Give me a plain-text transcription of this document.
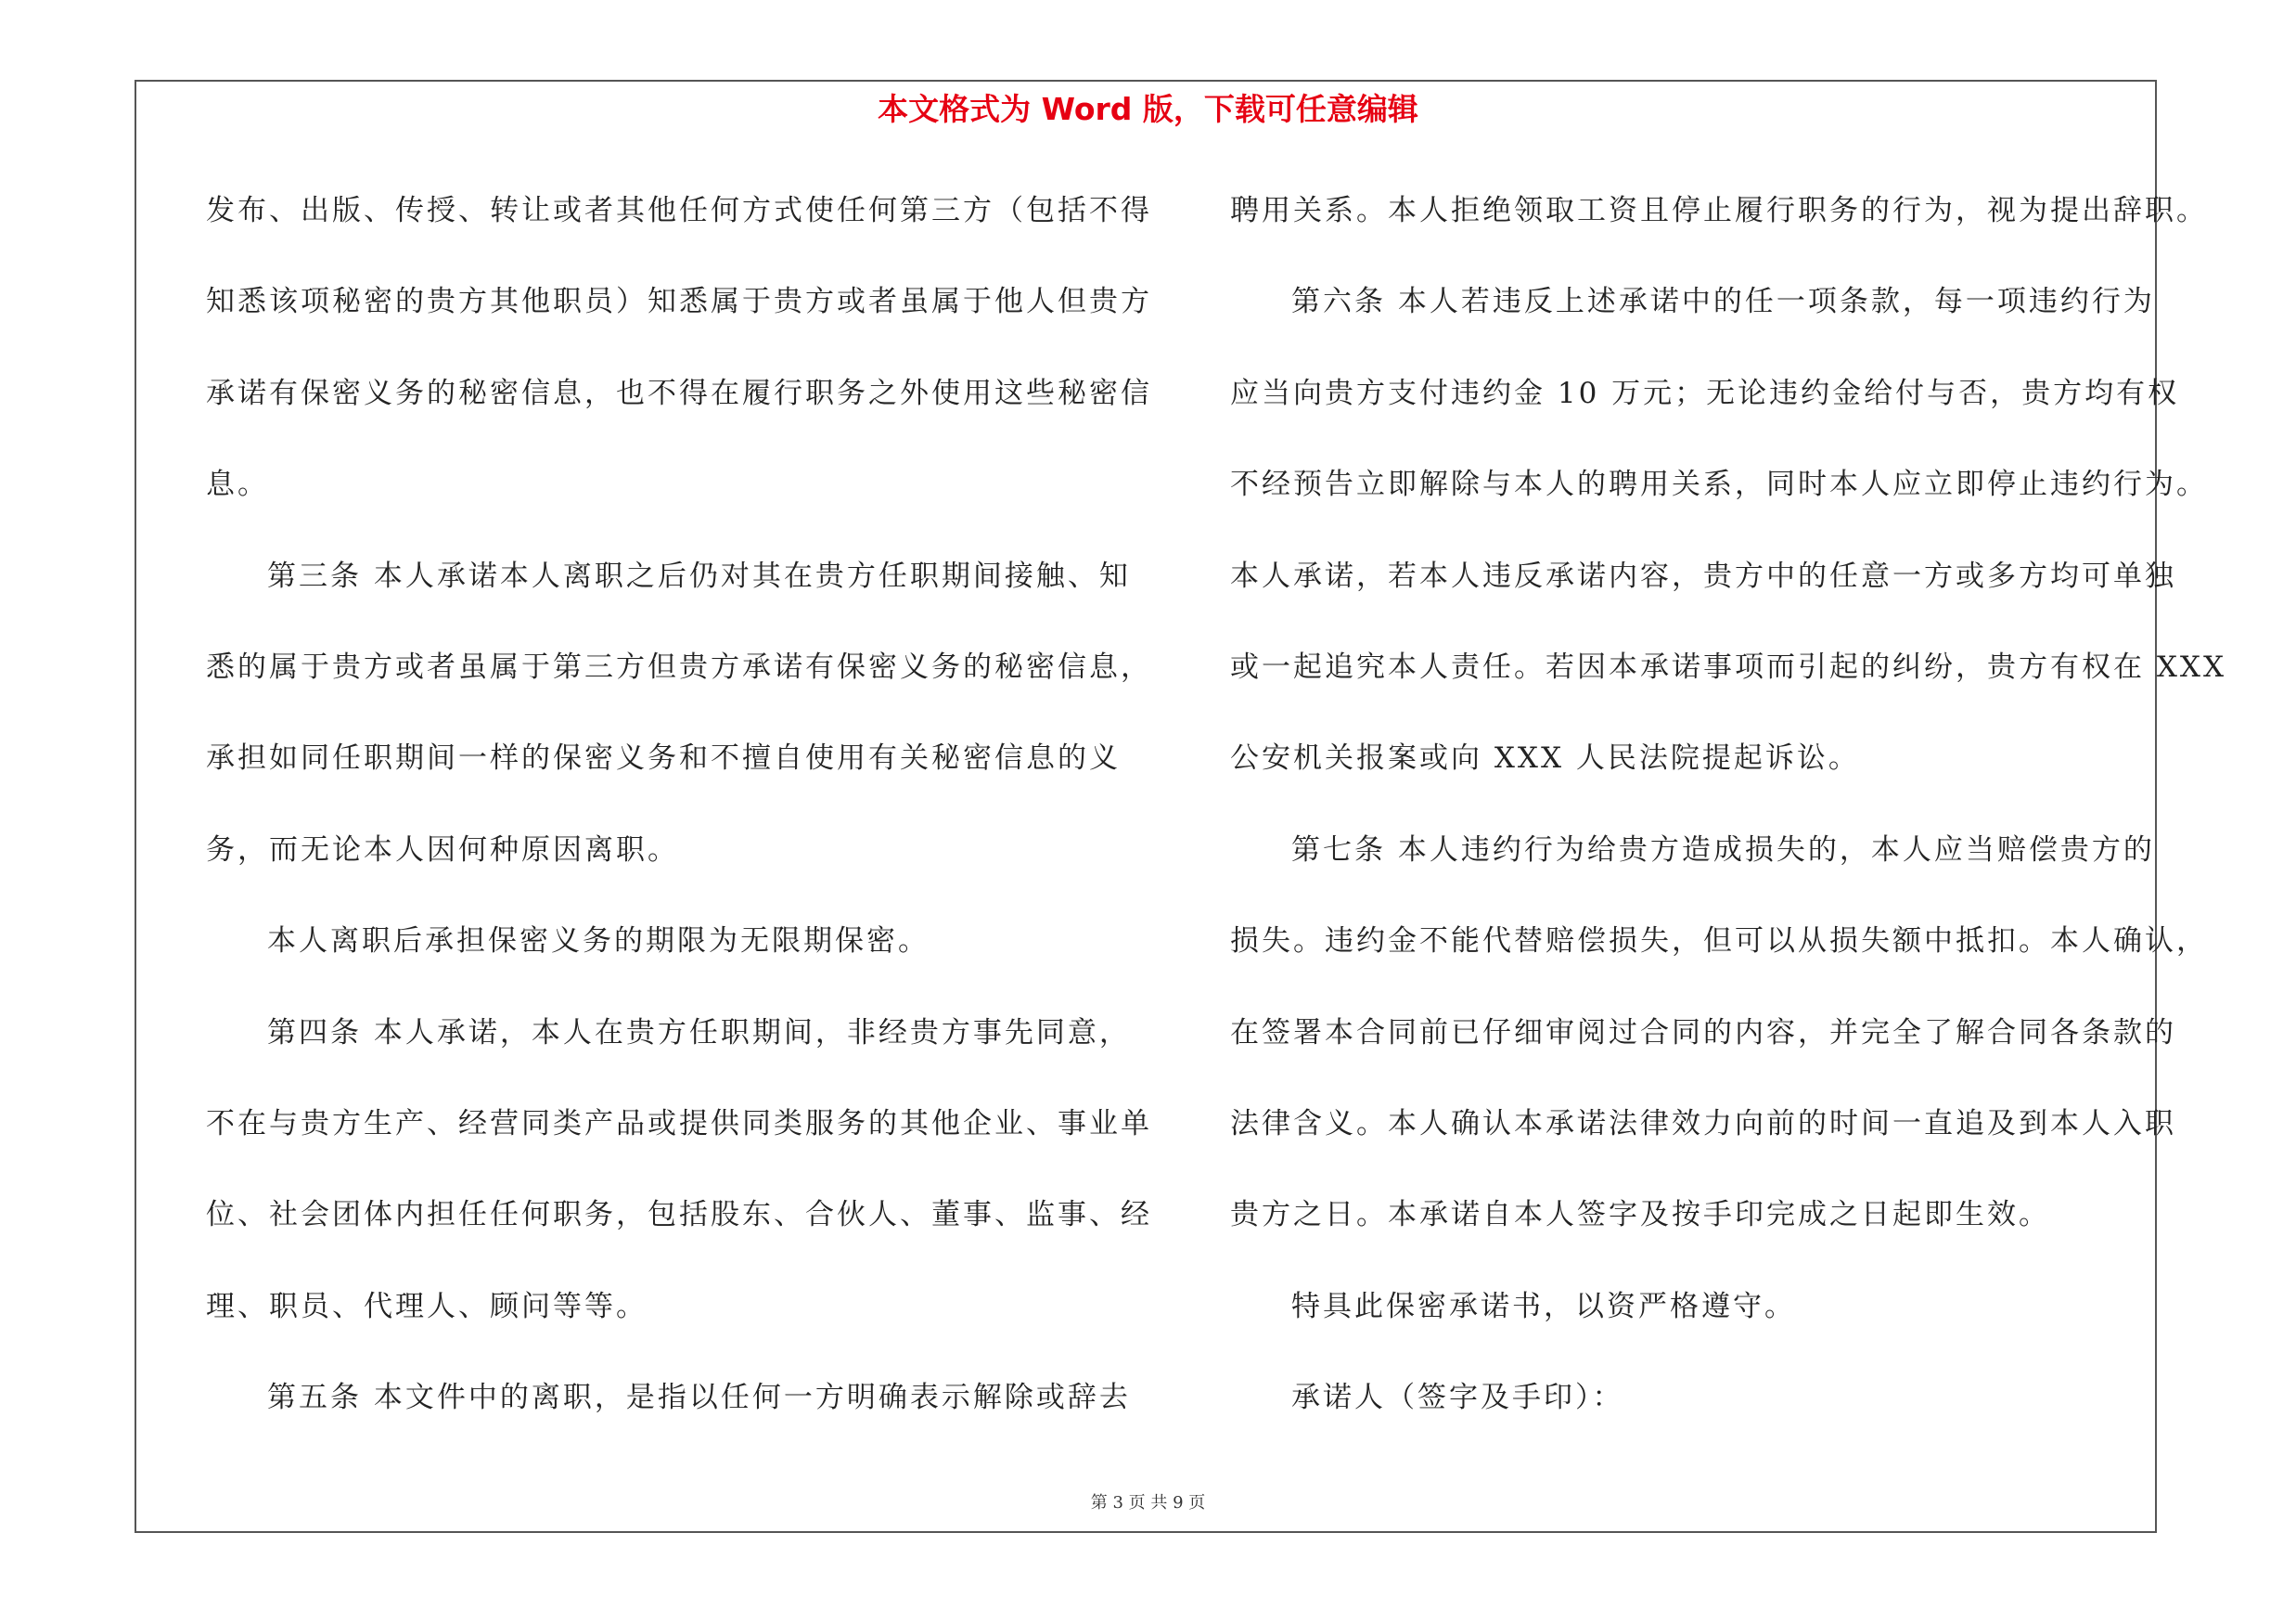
本文格式为 Word 版，下载可任意编辑
发布、出版、传授、转让或者其他任何方式使任何第三方（包括不得
知悉该项秘密的贵方其他职员）知悉属于贵方或者虽属于他人但贵方
承诺有保密义务的秘密信息，也不得在履行职务之外使用这些秘密信
息。
第三条 本人承诺本人离职之后仍对其在贵方任职期间接触、知
悉的属于贵方或者虽属于第三方但贵方承诺有保密义务的秘密信息，
承担如同任职期间一样的保密义务和不擅自使用有关秘密信息的义
务，而无论本人因何种原因离职。
本人离职后承担保密义务的期限为无限期保密。
第四条 本人承诺，本人在贵方任职期间，非经贵方事先同意，
不在与贵方生产、经营同类产品或提供同类服务的其他企业、事业单
位、社会团体内担任任何职务，包括股东、合伙人、董事、监事、经
理、职员、代理人、顾问等等。
第五条 本文件中的离职，是指以任何一方明确表示解除或辞去
聘用关系。本人拒绝领取工资且停止履行职务的行为，视为提出辞职。
第六条 本人若违反上述承诺中的任一项条款，每一项违约行为
应当向贵方支付违约金 10 万元；无论违约金给付与否，贵方均有权
不经预告立即解除与本人的聘用关系，同时本人应立即停止违约行为。
本人承诺，若本人违反承诺内容，贵方中的任意一方或多方均可单独
或一起追究本人责任。若因本承诺事项而引起的纠纷，贵方有权在 XXX
公安机关报案或向 XXX 人民法院提起诉讼。
第七条 本人违约行为给贵方造成损失的，本人应当赔偿贵方的
损失。违约金不能代替赔偿损失，但可以从损失额中抵扣。本人确认，
在签署本合同前已仔细审阅过合同的内容，并完全了解合同各条款的
法律含义。本人确认本承诺法律效力向前的时间一直追及到本人入职
贵方之日。本承诺自本人签字及按手印完成之日起即生效。
特具此保密承诺书，以资严格遵守。
承诺人（签字及手印）：
第 3 页 共 9 页
